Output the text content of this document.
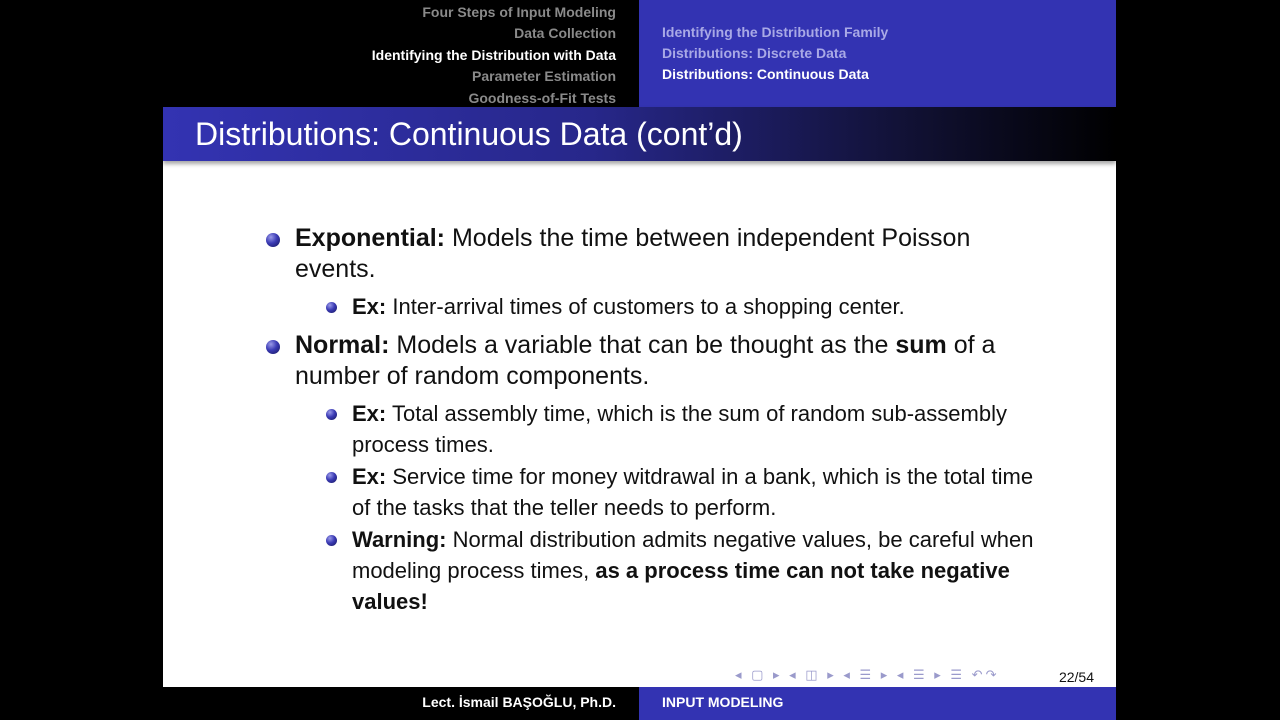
Four Steps of Input Modeling
Data Collection
Identifying the Distribution with Data
Parameter Estimation
Goodness-of-Fit Tests
Identifying the Distribution Family
Distributions: Discrete Data
Distributions: Continuous Data
Distributions: Continuous Data (cont’d)
Exponential: Models the time between independent Poisson events.
Ex: Inter-arrival times of customers to a shopping center.
Normal: Models a variable that can be thought as the sum of a number of random components.
Ex: Total assembly time, which is the sum of random sub-assembly process times.
Ex: Service time for money witdrawal in a bank, which is the total time of the tasks that the teller needs to perform.
Warning: Normal distribution admits negative values, be careful when modeling process times, as a process time can not take negative values!
◂ ▢ ▸ ◂ ◫ ▸ ◂ ☰ ▸ ◂ ☰ ▸ ☰ ↶↷	22/54
Lect. İsmail BAŞOĞLU, Ph.D.	INPUT MODELING
